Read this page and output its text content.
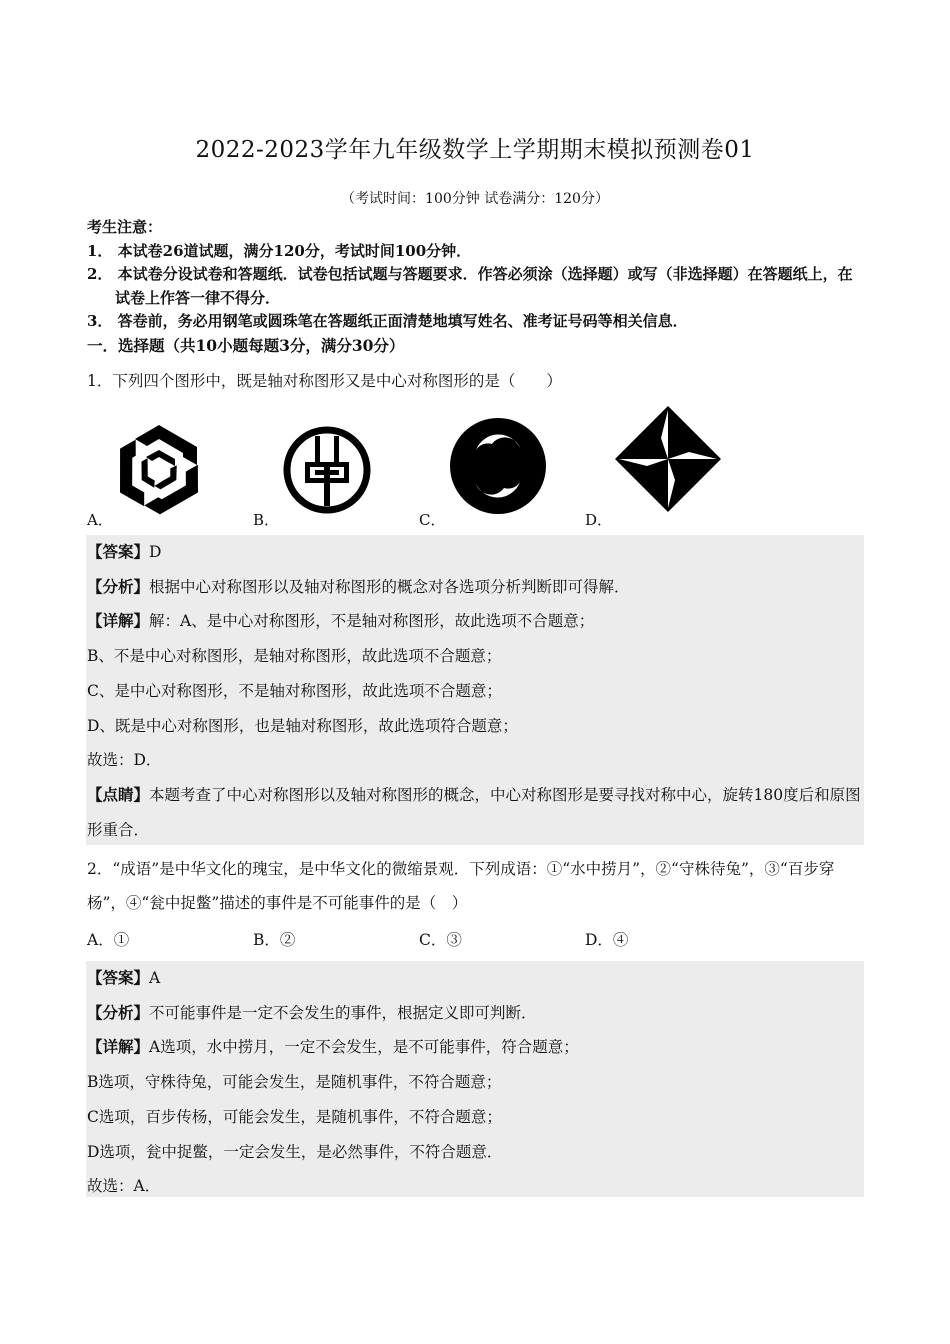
2022-2023学年九年级数学上学期期末模拟预测卷01
（考试时间：100分钟 试卷满分：120分）
考生注意：
1． 本试卷26道试题，满分120分，考试时间100分钟．
2． 本试卷分设试卷和答题纸．试卷包括试题与答题要求．作答必须涂（选择题）或写（非选择题）在答题纸上，在试卷上作答一律不得分．
3． 答卷前，务必用钢笔或圆珠笔在答题纸正面清楚地填写姓名、准考证号码等相关信息．
一．选择题（共10小题每题3分，满分30分）
1．下列四个图形中，既是轴对称图形又是中心对称图形的是（　　）
A．	B．	C．	D．
【答案】D
【分析】根据中心对称图形以及轴对称图形的概念对各选项分析判断即可得解．
【详解】解：A、是中心对称图形，不是轴对称图形，故此选项不合题意；
B、不是中心对称图形，是轴对称图形，故此选项不合题意；
C、是中心对称图形，不是轴对称图形，故此选项不合题意；
D、既是中心对称图形，也是轴对称图形，故此选项符合题意；
故选：D．
【点睛】本题考查了中心对称图形以及轴对称图形的概念，中心对称图形是要寻找对称中心，旋转180度后和原图形重合．
2．“成语”是中华文化的瑰宝，是中华文化的微缩景观．下列成语：①“水中捞月”，②“守株待兔”，③“百步穿杨”，④“瓮中捉鳖”描述的事件是不可能事件的是（　）
A．①	B．②	C．③	D．④
【答案】A
【分析】不可能事件是一定不会发生的事件，根据定义即可判断．
【详解】A选项，水中捞月，一定不会发生，是不可能事件，符合题意；
B选项，守株待兔，可能会发生，是随机事件，不符合题意；
C选项，百步传杨，可能会发生，是随机事件，不符合题意；
D选项，瓮中捉鳖，一定会发生，是必然事件，不符合题意．
故选：A．
